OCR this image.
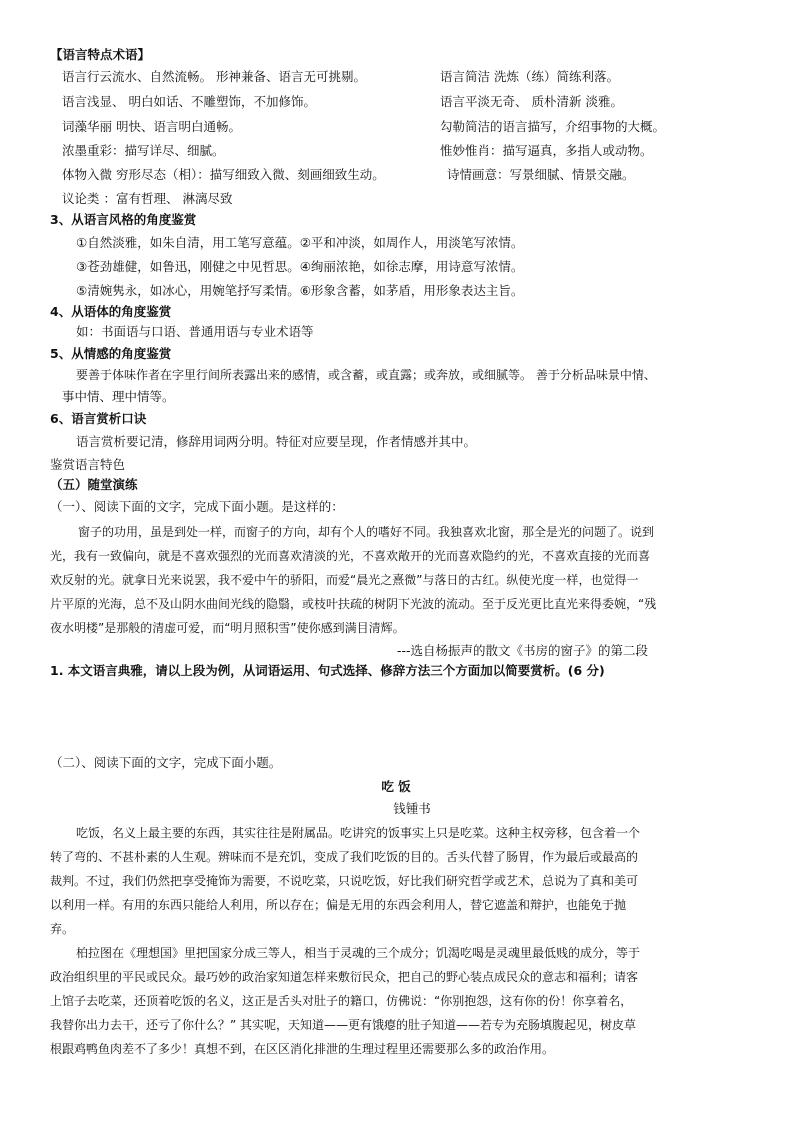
【语言特点术语】
语言行云流水、自然流畅。 形神兼备、语言无可挑剔。	语言简洁 洗炼（练）简练利落。
语言浅显、 明白如话、不雕塑饰，不加修饰。	语言平淡无奇、 质朴清新 淡雅。
词藻华丽 明快、语言明白通畅。	勾勒简洁的语言描写，介绍事物的大概。
浓墨重彩：描写详尽、细腻。	惟妙惟肖：描写逼真，多指人或动物。
体物入微 穷形尽态（相）：描写细致入微、刻画细致生动。	诗情画意：写景细腻、情景交融。
议论类 ：富有哲理、 淋漓尽致
3、从语言风格的角度鉴赏
①自然淡雅，如朱自清，用工笔写意蕴。②平和冲淡，如周作人，用淡笔写浓情。
③苍劲雄健，如鲁迅，刚健之中见哲思。④绚丽浓艳，如徐志摩，用诗意写浓情。
⑤清婉隽永，如冰心，用婉笔抒写柔情。⑥形象含蓄，如茅盾，用形象表达主旨。
4、从语体的角度鉴赏
如：书面语与口语、普通用语与专业术语等
5、从情感的角度鉴赏
要善于体味作者在字里行间所表露出来的感情，或含蓄，或直露；或奔放，或细腻等。 善于分析品味景中情、
事中情、理中情等。
6、语言赏析口诀
语言赏析要记清，修辞用词两分明。特征对应要呈现，作者情感并其中。
鉴赏语言特色
（五）随堂演练
（一）、阅读下面的文字，完成下面小题。是这样的：
窗子的功用，虽是到处一样，而窗子的方向，却有个人的嗜好不同。我独喜欢北窗，那全是光的问题了。说到
光，我有一致偏向，就是不喜欢强烈的光而喜欢清淡的光，不喜欢敞开的光而喜欢隐约的光，不喜欢直接的光而喜
欢反射的光。就拿日光来说罢，我不爱中午的骄阳，而爱“晨光之熹微”与落日的古红。纵使光度一样，也觉得一
片平原的光海，总不及山阴水曲间光线的隐翳，或枝叶扶疏的树阴下光波的流动。至于反光更比直光来得委婉，“残
夜水明楼”是那般的清虚可爱，而“明月照积雪”使你感到满目清辉。
---选自杨振声的散文《书房的窗子》的第二段
1. 本文语言典雅，请以上段为例，从词语运用、句式选择、修辞方法三个方面加以简要赏析。(6 分)
（二）、阅读下面的文字，完成下面小题。
吃 饭
钱锺书
吃饭，名义上最主要的东西，其实往往是附属品。吃讲究的饭事实上只是吃菜。这种主权旁移，包含着一个
转了弯的、不甚朴素的人生观。辨味而不是充饥，变成了我们吃饭的目的。舌头代替了肠胃，作为最后或最高的
裁判。不过，我们仍然把享受掩饰为需要，不说吃菜，只说吃饭，好比我们研究哲学或艺术，总说为了真和美可
以利用一样。有用的东西只能给人利用，所以存在；偏是无用的东西会利用人，替它遮盖和辩护，也能免于抛
弃。
柏拉图在《理想国》里把国家分成三等人，相当于灵魂的三个成分；饥渴吃喝是灵魂里最低贱的成分，等于
政治组织里的平民或民众。最巧妙的政治家知道怎样来敷衍民众，把自己的野心装点成民众的意志和福利；请客
上馆子去吃菜，还顶着吃饭的名义，这正是舌头对肚子的籍口，仿佛说：“你别抱怨，这有你的份！你享着名，
我替你出力去干，还亏了你什么？” 其实呢，天知道——更有饿瘪的肚子知道——若专为充肠填腹起见，树皮草
根跟鸡鸭鱼肉差不了多少！真想不到，在区区消化排泄的生理过程里还需要那么多的政治作用。
